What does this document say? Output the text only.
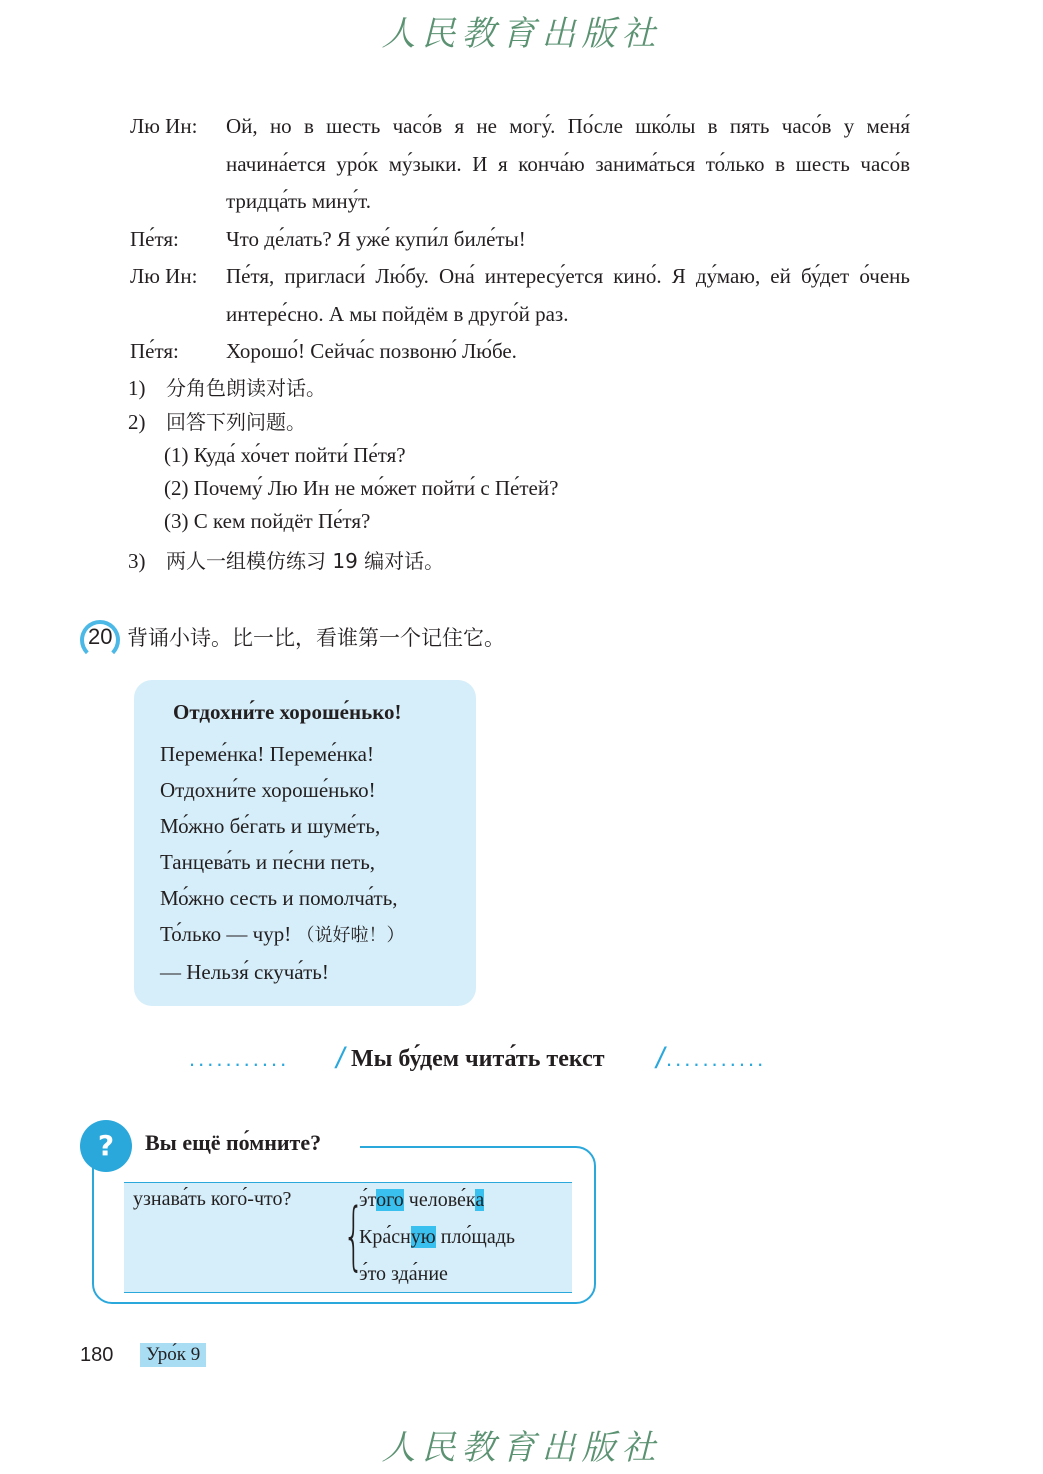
人民教育出版社
Лю Ин:	Ой, но в шесть часо́в я не могу́. По́сле шко́лы в пять часо́в у меня́ начина́ется уро́к му́зыки. И я конча́ю занима́ться то́лько в шесть часо́в тридца́ть мину́т.
Пе́тя:	Что де́лать? Я уже́ купи́л биле́ты!
Лю Ин:	Пе́тя, пригласи́ Лю́бу. Она́ интересу́ется кино́. Я ду́маю, ей бу́дет о́чень интере́сно. А мы пойдём в друго́й раз.
Пе́тя:	Хорошо́! Сейча́с позвоню́ Лю́бе.
1)	分角色朗读对话。
2)	回答下列问题。
(1) Куда́ хо́чет пойти́ Пе́тя?
(2) Почему́ Лю Ин не мо́жет пойти́ с Пе́тей?
(3) С кем пойдёт Пе́тя?
3)	两人一组模仿练习 19 编对话。
20 背诵小诗。比一比，看谁第一个记住它。
Отдохни́те хороше́нько!
Переме́нка! Переме́нка!
Отдохни́те хороше́нько!
Мо́жно бе́гать и шуме́ть,
Танцева́ть и пе́сни петь,
Мо́жно сесть и помолча́ть,
То́лько — чур! （说好啦！）
— Нельзя́ скуча́ть!
........... / Мы бу́дем чита́ть текст / ...........
?	Вы ещё по́мните?
узнава́ть кого́-что? {
э́того челове́ка
Кра́сную пло́щадь
э́то зда́ние
180	Уро́к 9
人民教育出版社
